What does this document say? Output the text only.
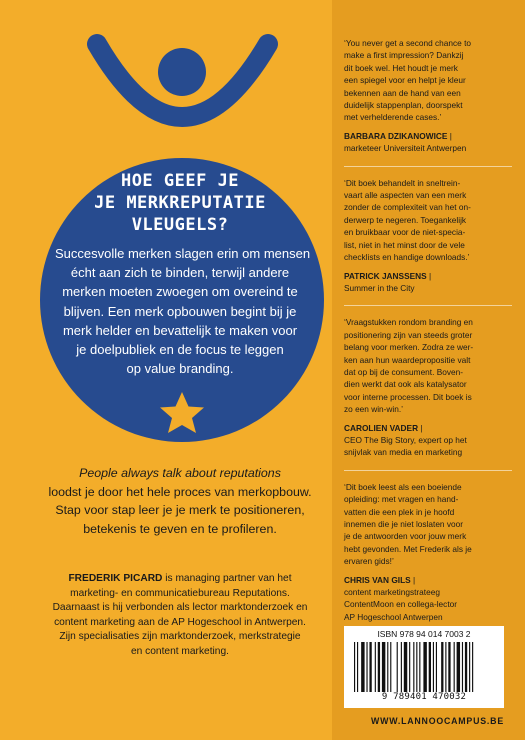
HOE GEEF JE
JE MERKREPUTATIE
VLEUGELS?
Succesvolle merken slagen erin om mensen
écht aan zich te binden, terwijl andere
merken moeten zwoegen om overeind te
blijven. Een merk opbouwen begint bij je
merk helder en bevattelijk te maken voor
je doelpubliek en de focus te leggen
op value branding.
People always talk about reputations
loodst je door het hele proces van merkopbouw.
Stap voor stap leer je je merk te positioneren,
betekenis te geven en te profileren.
FREDERIK PICARD is managing partner van het
marketing- en communicatiebureau Reputations.
Daarnaast is hij verbonden als lector marktonderzoek en
content marketing aan de AP Hogeschool in Antwerpen.
Zijn specialisaties zijn marktonderzoek, merkstrategie
en content marketing.
‘You never get a second chance to
make a first impression? Dankzij
dit boek wel. Het houdt je merk
een spiegel voor en helpt je kleur
bekennen aan de hand van een
duidelijk stappenplan, doorspekt
met verhelderende cases.’
BARBARA DZIKANOWICE |
marketeer Universiteit Antwerpen
‘Dit boek behandelt in sneltrein-
vaart alle aspecten van een merk
zonder de complexiteit van het on-
derwerp te negeren. Toegankelijk
en bruikbaar voor de niet-specia-
list, niet in het minst door de vele
checklists en handige downloads.’
PATRICK JANSSENS |
Summer in the City
‘Vraagstukken rondom branding en
positionering zijn van steeds groter
belang voor merken. Zodra ze wer-
ken aan hun waardepropositie valt
dat op bij de consument. Boven-
dien werkt dat ook als katalysator
voor interne processen. Dit boek is
zo een win-win.’
CAROLIEN VADER |
CEO The Big Story, expert op het
snijvlak van media en marketing
‘Dit boek leest als een boeiende
opleiding: met vragen en hand-
vatten die een plek in je hoofd
innemen die je niet loslaten voor
je de antwoorden voor jouw merk
hebt gevonden. Met Frederik als je
ervaren gids!’
CHRIS VAN GILS |
content marketingstrateeg
ContentMoon en collega-lector
AP Hogeschool Antwerpen
ISBN 978 94 014 7003 2
9 789401 470032
WWW.LANNOOCAMPUS.BE
